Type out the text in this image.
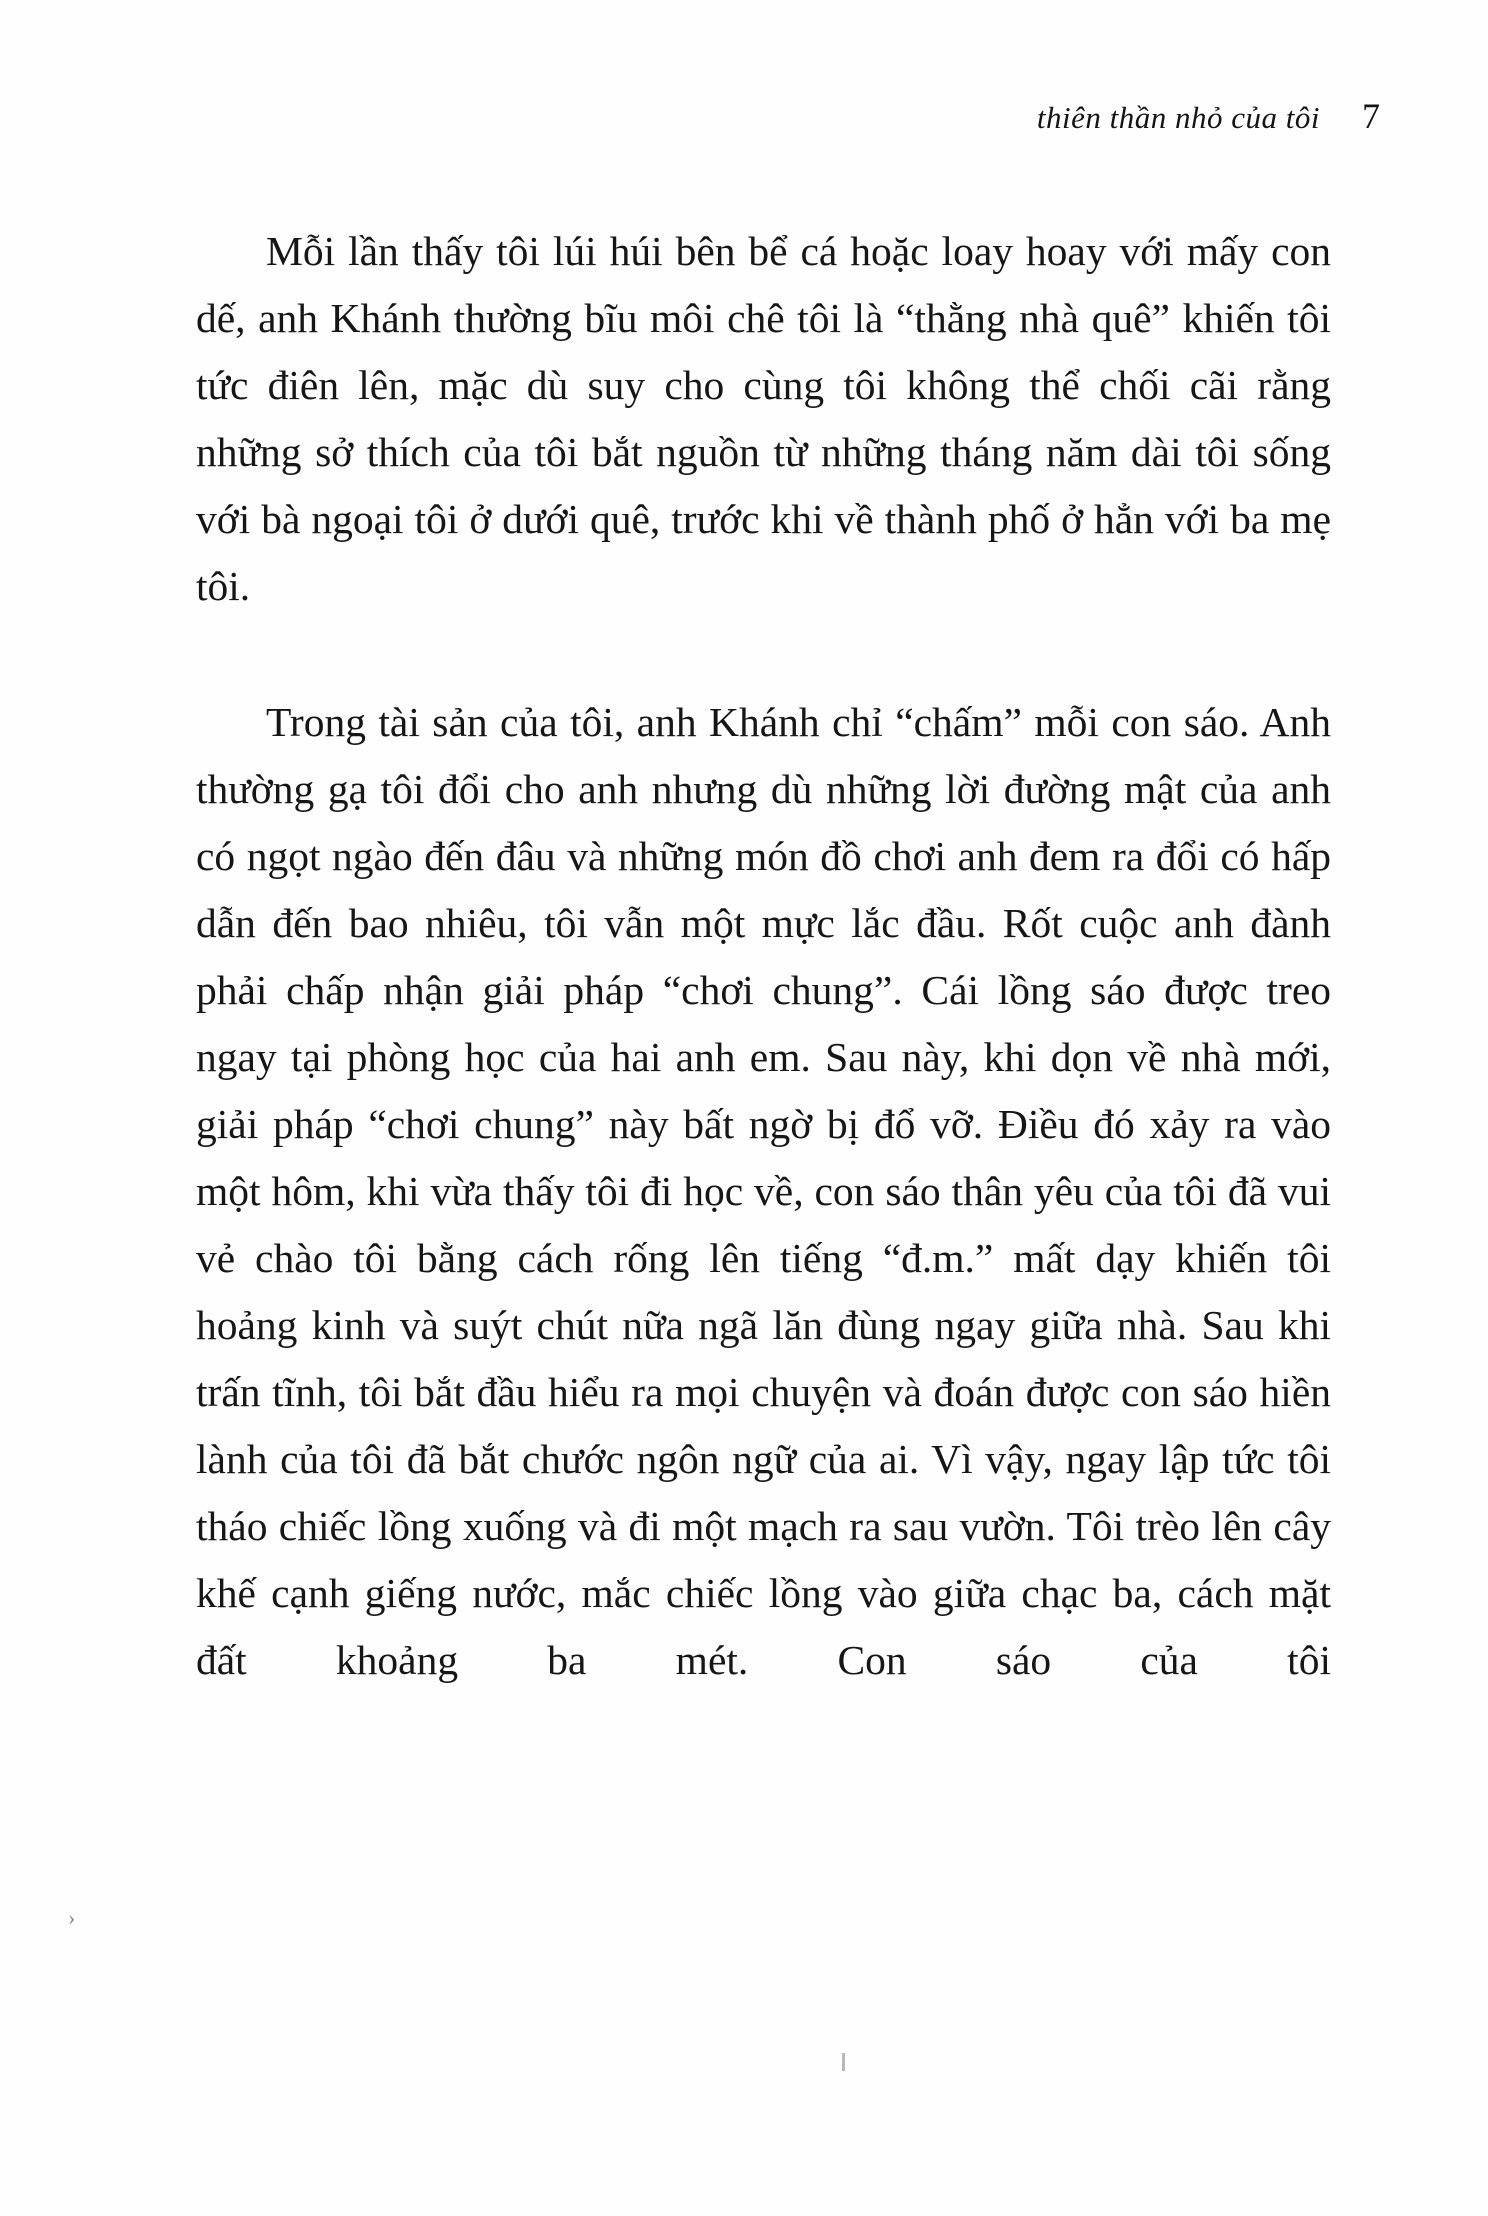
thiên thần nhỏ của tôi 7

Mỗi lần thấy tôi lúi húi bên bể cá hoặc loay hoay với mấy con dế, anh Khánh thường bĩu môi chê tôi là “thằng nhà quê” khiến tôi tức điên lên, mặc dù suy cho cùng tôi không thể chối cãi rằng những sở thích của tôi bắt nguồn từ những tháng năm dài tôi sống với bà ngoại tôi ở dưới quê, trước khi về thành phố ở hẳn với ba mẹ tôi.

Trong tài sản của tôi, anh Khánh chỉ “chấm” mỗi con sáo. Anh thường gạ tôi đổi cho anh nhưng dù những lời đường mật của anh có ngọt ngào đến đâu và những món đồ chơi anh đem ra đổi có hấp dẫn đến bao nhiêu, tôi vẫn một mực lắc đầu. Rốt cuộc anh đành phải chấp nhận giải pháp “chơi chung”. Cái lồng sáo được treo ngay tại phòng học của hai anh em. Sau này, khi dọn về nhà mới, giải pháp “chơi chung” này bất ngờ bị đổ vỡ. Điều đó xảy ra vào một hôm, khi vừa thấy tôi đi học về, con sáo thân yêu của tôi đã vui vẻ chào tôi bằng cách rống lên tiếng “đ.m.” mất dạy khiến tôi hoảng kinh và suýt chút nữa ngã lăn đùng ngay giữa nhà. Sau khi trấn tĩnh, tôi bắt đầu hiểu ra mọi chuyện và đoán được con sáo hiền lành của tôi đã bắt chước ngôn ngữ của ai. Vì vậy, ngay lập tức tôi tháo chiếc lồng xuống và đi một mạch ra sau vườn. Tôi trèo lên cây khế cạnh giếng nước, mắc chiếc lồng vào giữa chạc ba, cách mặt đất khoảng ba mét. Con sáo của tôi

›
